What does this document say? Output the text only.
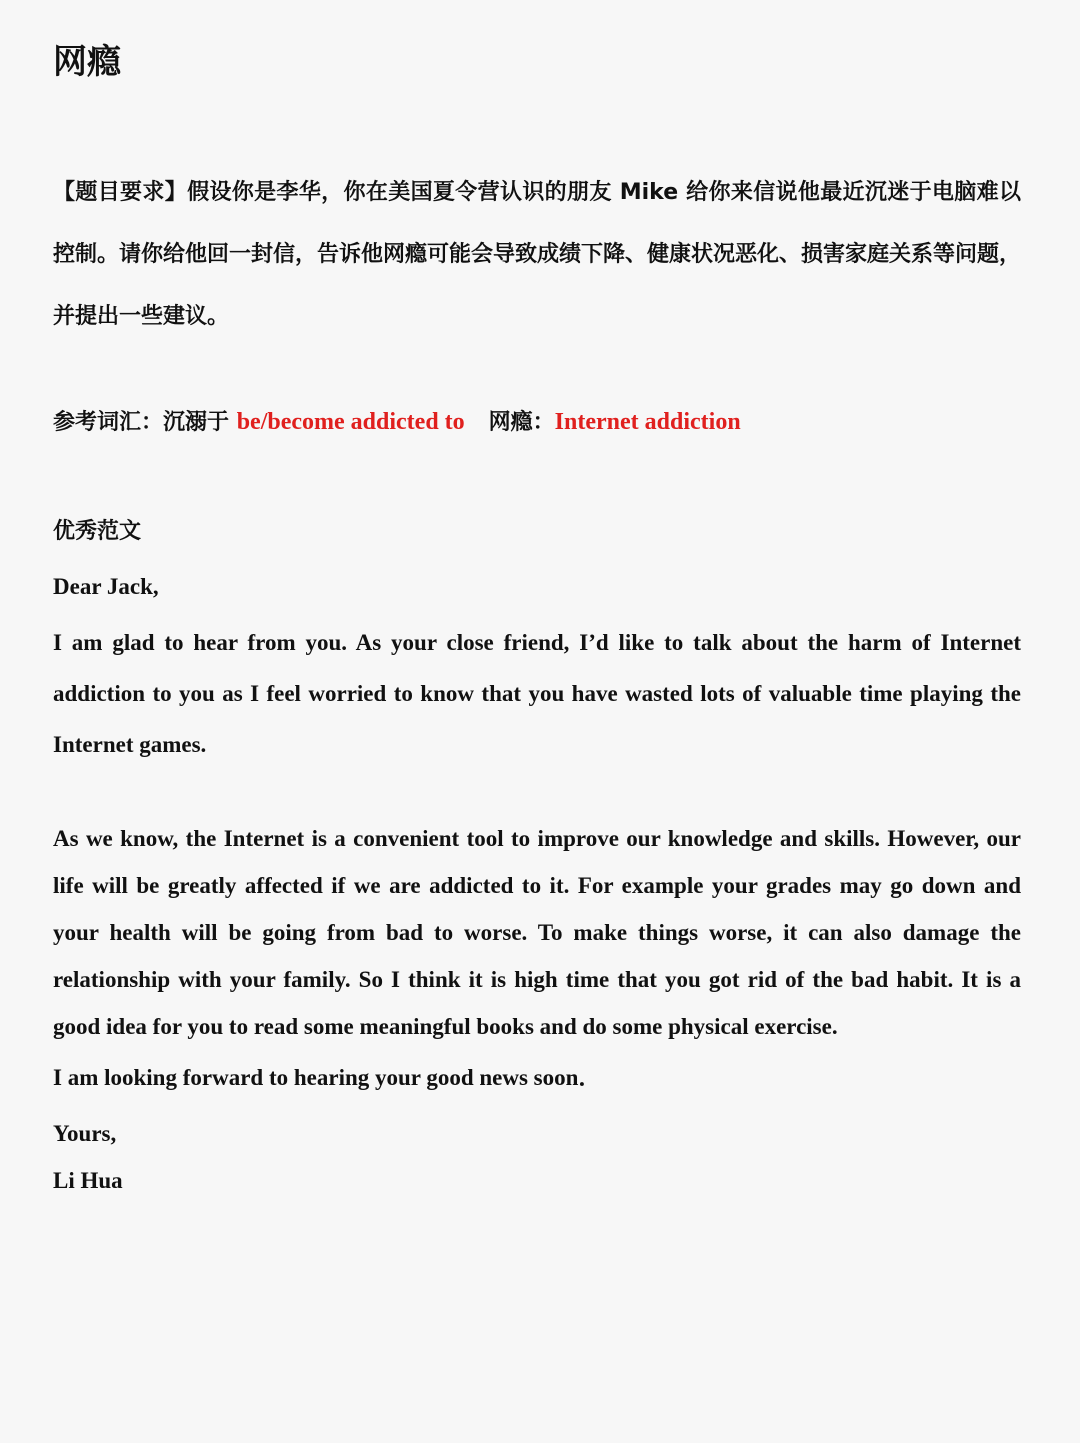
网瘾

【题目要求】假设你是李华，你在美国夏令营认识的朋友 Mike 给你来信说他最近沉迷于电脑难以控制。请你给他回一封信，告诉他网瘾可能会导致成绩下降、健康状况恶化、损害家庭关系等问题，并提出一些建议。

参考词汇：沉溺于 be/become addicted to 网瘾：Internet addiction

优秀范文

Dear Jack,

I am glad to hear from you. As your close friend, I’d like to talk about the harm of Internet addiction to you as I feel worried to know that you have wasted lots of valuable time playing the Internet games.

As we know, the Internet is a convenient tool to improve our knowledge and skills. However, our life will be greatly affected if we are addicted to it. For example your grades may go down and your health will be going from bad to worse. To make things worse, it can also damage the relationship with your family. So I think it is high time that you got rid of the bad habit. It is a good idea for you to read some meaningful books and do some physical exercise.

I am looking forward to hearing your good news soon．

Yours,

Li Hua
